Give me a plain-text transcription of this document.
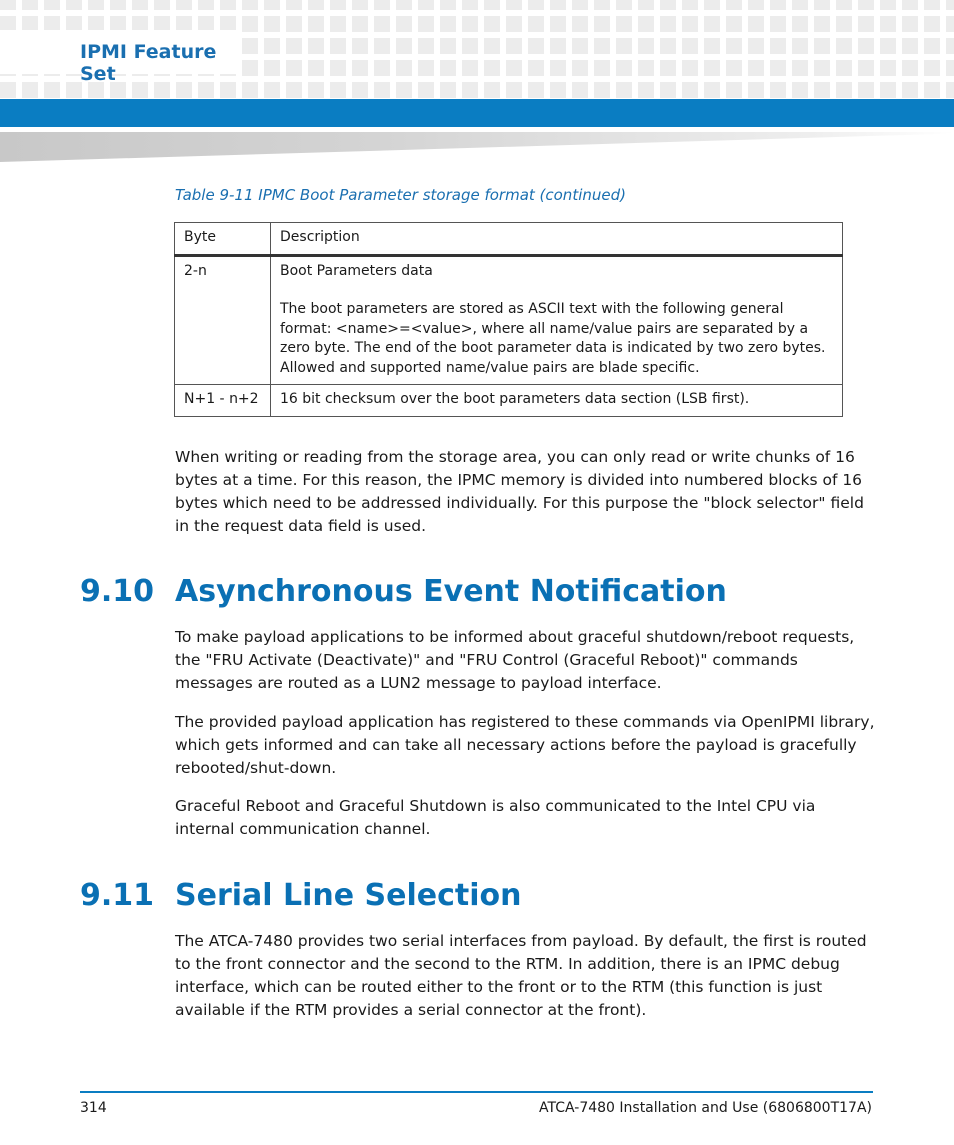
IPMI Feature Set
Table 9-11 IPMC Boot Parameter storage format (continued)
Byte	Description
2-n	Boot Parameters data
The boot parameters are stored as ASCII text with the following general format: <name>=<value>, where all name/value pairs are separated by a zero byte. The end of the boot parameter data is indicated by two zero bytes. Allowed and supported name/value pairs are blade specific.

N+1 - n+2	16 bit checksum over the boot parameters data section (LSB first).

When writing or reading from the storage area, you can only read or write chunks of 16 bytes at a time. For this reason, the IPMC memory is divided into numbered blocks of 16 bytes which need to be addressed individually. For this purpose the "block selector" field in the request data field is used.

9.10 Asynchronous Event Notification

To make payload applications to be informed about graceful shutdown/reboot requests, the "FRU Activate (Deactivate)" and "FRU Control (Graceful Reboot)" commands messages are routed as a LUN2 message to payload interface.

The provided payload application has registered to these commands via OpenIPMI library, which gets informed and can take all necessary actions before the payload is gracefully rebooted/shut-down.

Graceful Reboot and Graceful Shutdown is also communicated to the Intel CPU via internal communication channel.

9.11 Serial Line Selection

The ATCA-7480 provides two serial interfaces from payload. By default, the first is routed to the front connector and the second to the RTM. In addition, there is an IPMC debug interface, which can be routed either to the front or to the RTM (this function is just available if the RTM provides a serial connector at the front).

314	ATCA-7480 Installation and Use (6806800T17A)
